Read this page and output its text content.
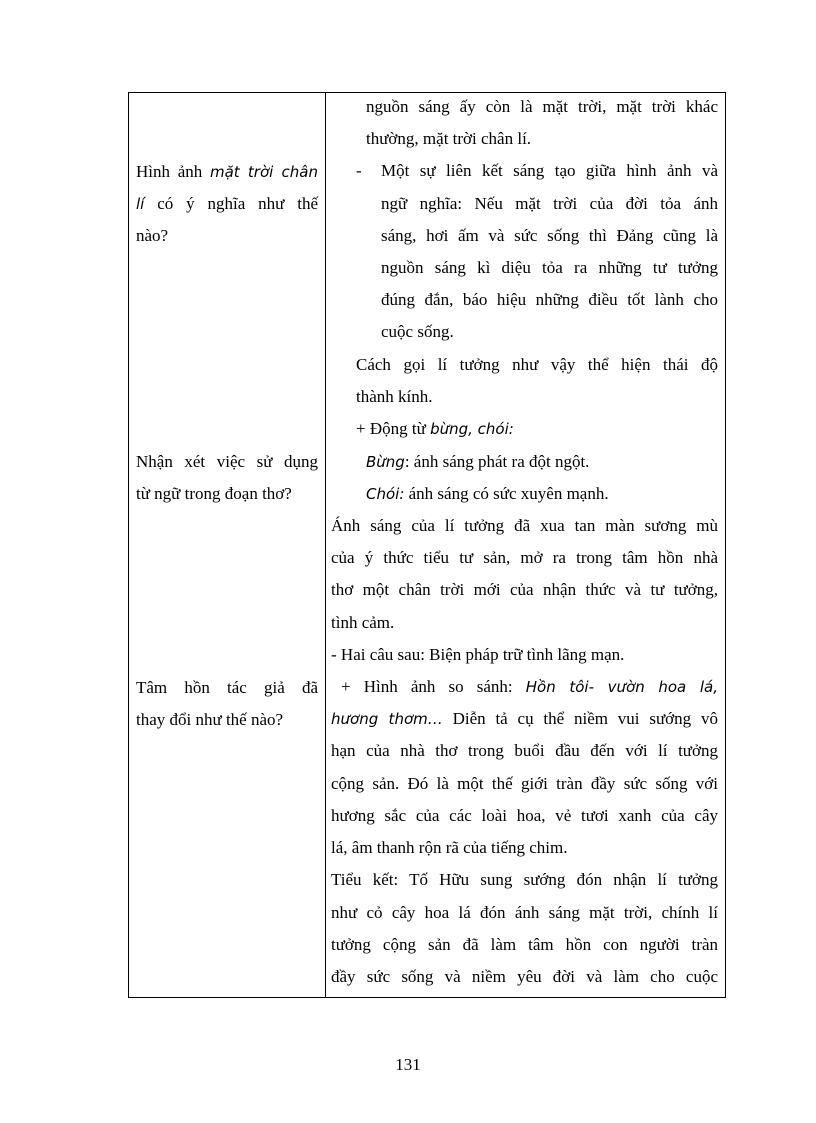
Hình ảnh mặt trời chân
lí có ý nghĩa như thế
nào?
Nhận xét việc sử dụng
từ ngữ trong đoạn thơ?
Tâm hồn tác giả đã
thay đổi như thế nào?
nguồn sáng ấy còn là mặt trời, mặt trời khác
thường, mặt trời chân lí.
- Một sự liên kết sáng tạo giữa hình ảnh và
ngữ nghĩa: Nếu mặt trời của đời tỏa ánh
sáng, hơi ấm và sức sống thì Đảng cũng là
nguồn sáng kì diệu tỏa ra những tư tưởng
đúng đắn, báo hiệu những điều tốt lành cho
cuộc sống.
Cách gọi lí tưởng như vậy thể hiện thái độ
thành kính.
+ Động từ bừng, chói:
Bừng: ánh sáng phát ra đột ngột.
Chói: ánh sáng có sức xuyên mạnh.
Ánh sáng của lí tưởng đã xua tan màn sương mù
của ý thức tiểu tư sản, mở ra trong tâm hồn nhà
thơ một chân trời mới của nhận thức và tư tưởng,
tình cảm.
- Hai câu sau: Biện pháp trữ tình lãng mạn.
+ Hình ảnh so sánh: Hồn tôi- vườn hoa lá,
hương thơm… Diễn tả cụ thể niềm vui sướng vô
hạn của nhà thơ trong buổi đầu đến với lí tưởng
cộng sản. Đó là một thế giới tràn đầy sức sống với
hương sắc của các loài hoa, vẻ tươi xanh của cây
lá, âm thanh rộn rã của tiếng chim.
Tiểu kết: Tố Hữu sung sướng đón nhận lí tưởng
như cỏ cây hoa lá đón ánh sáng mặt trời, chính lí
tưởng cộng sản đã làm tâm hồn con người tràn
đầy sức sống và niềm yêu đời và làm cho cuộc
131
